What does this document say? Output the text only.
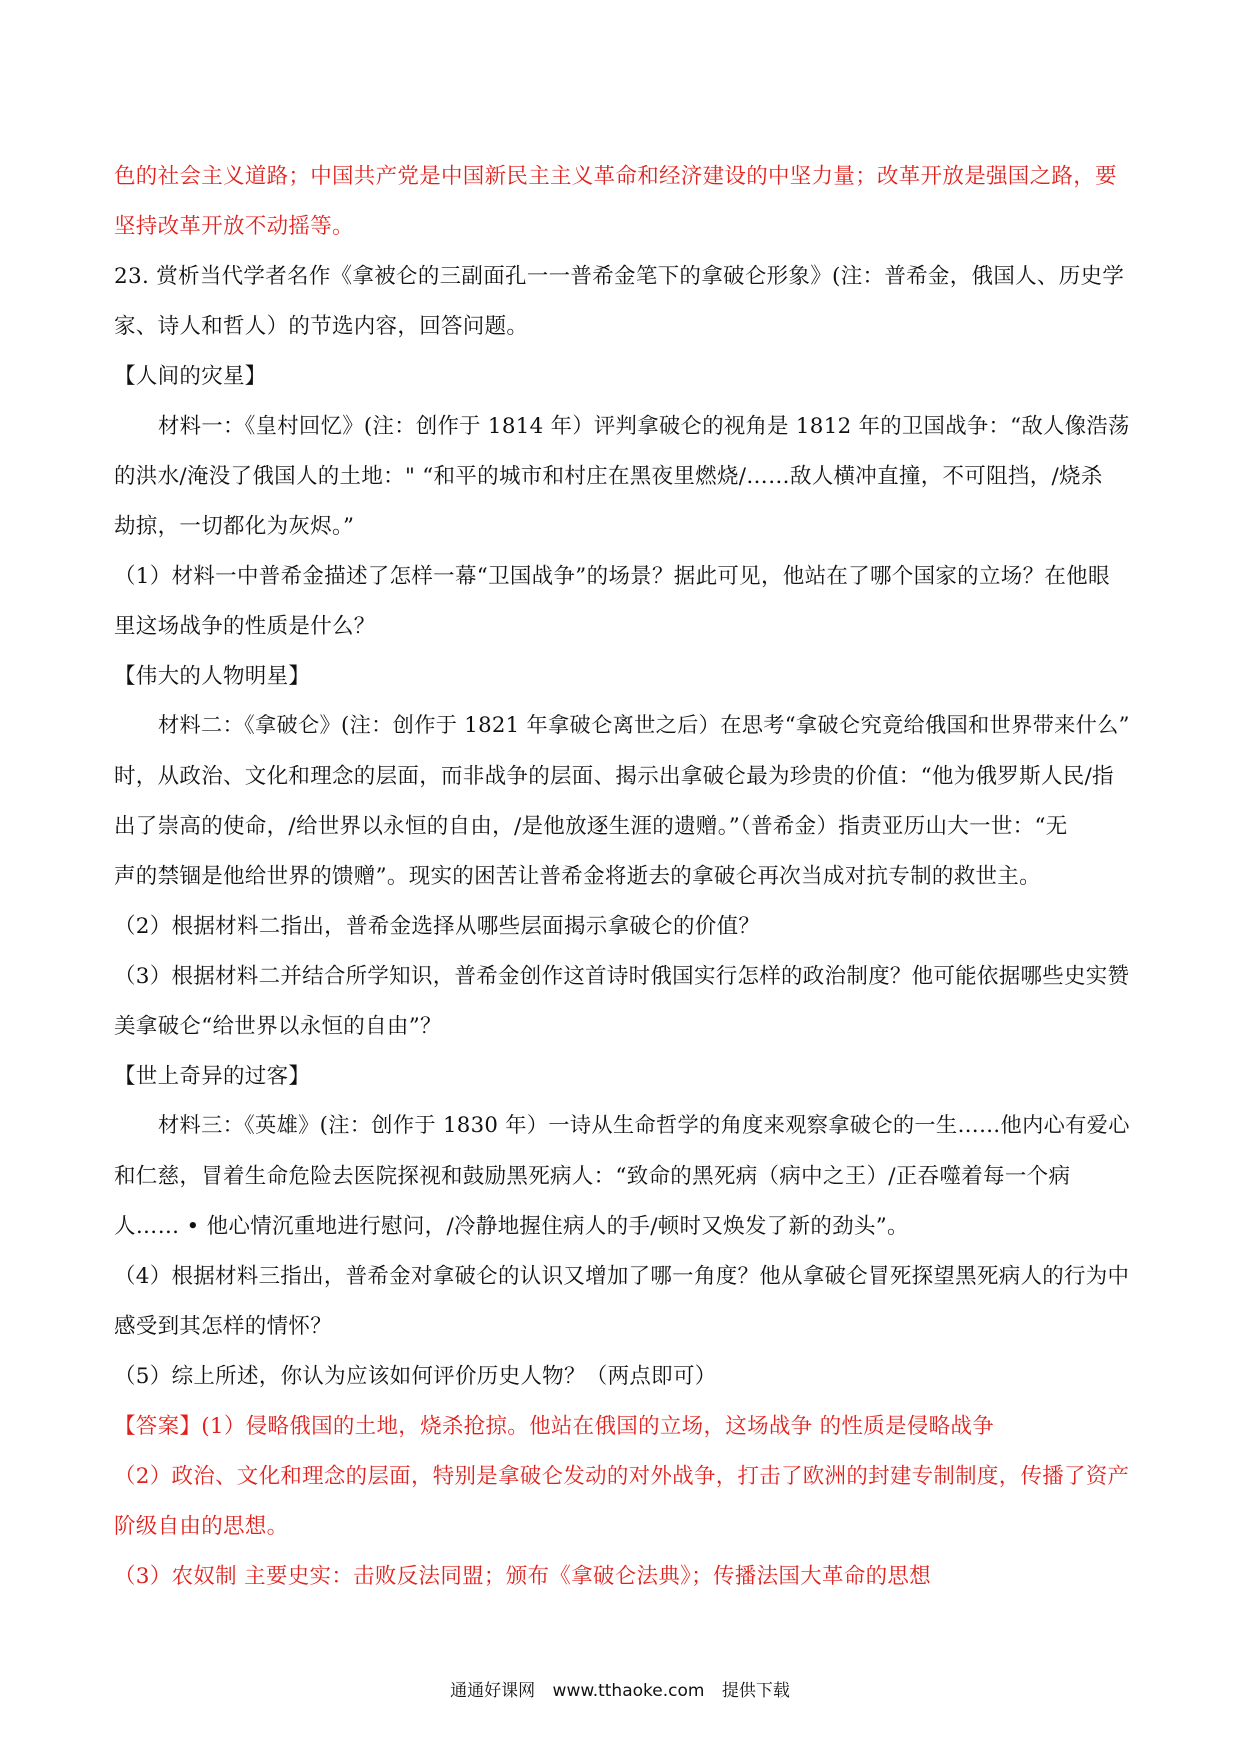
色的社会主义道路；中国共产党是中国新民主主义革命和经济建设的中坚力量；改革开放是强国之路，要
坚持改革开放不动摇等。
23. 赏析当代学者名作《拿被仑的三副面孔一一普希金笔下的拿破仑形象》(注：普希金，俄国人、历史学
家、诗人和哲人）的节选内容，回答问题。
【人间的灾星】
材料一：《皇村回忆》(注：创作于 1814 年）评判拿破仑的视角是 1812 年的卫国战争：“敌人像浩荡
的洪水/淹没了俄国人的土地：" “和平的城市和村庄在黑夜里燃烧/……敌人横冲直撞，不可阻挡，/烧杀
劫掠，一切都化为灰烬。”
（1）材料一中普希金描述了怎样一幕“卫国战争”的场景？据此可见，他站在了哪个国家的立场？在他眼
里这场战争的性质是什么？
【伟大的人物明星】
材料二：《拿破仑》(注：创作于 1821 年拿破仑离世之后）在思考“拿破仑究竟给俄国和世界带来什么”
时，从政治、文化和理念的层面，而非战争的层面、揭示出拿破仑最为珍贵的价值：“他为俄罗斯人民/指
出了崇高的使命，/给世界以永恒的自由，/是他放逐生涯的遗赠。”（普希金）指责亚历山大一世：“无
声的禁锢是他给世界的馈赠”。现实的困苦让普希金将逝去的拿破仑再次当成对抗专制的救世主。
（2）根据材料二指出，普希金选择从哪些层面揭示拿破仑的价值？
（3）根据材料二并结合所学知识，普希金创作这首诗时俄国实行怎样的政治制度？他可能依据哪些史实赞
美拿破仑“给世界以永恒的自由”？
【世上奇异的过客】
材料三：《英雄》(注：创作于 1830 年）一诗从生命哲学的角度来观察拿破仑的一生……他内心有爱心
和仁慈，冒着生命危险去医院探视和鼓励黑死病人：“致命的黑死病（病中之王）/正吞噬着每一个病
人…… • 他心情沉重地进行慰问，/冷静地握住病人的手/顿时又焕发了新的劲头”。
（4）根据材料三指出，普希金对拿破仑的认识又增加了哪一角度？他从拿破仑冒死探望黑死病人的行为中
感受到其怎样的情怀？
（5）综上所述，你认为应该如何评价历史人物？（两点即可）
【答案】(1）侵略俄国的土地，烧杀抢掠。他站在俄国的立场，这场战争 的性质是侵略战争
（2）政治、文化和理念的层面，特别是拿破仑发动的对外战争，打击了欧洲的封建专制制度，传播了资产
阶级自由的思想。
（3）农奴制 主要史实：击败反法同盟；颁布《拿破仑法典》；传播法国大革命的思想
通通好课网 www.tthaoke.com 提供下载
